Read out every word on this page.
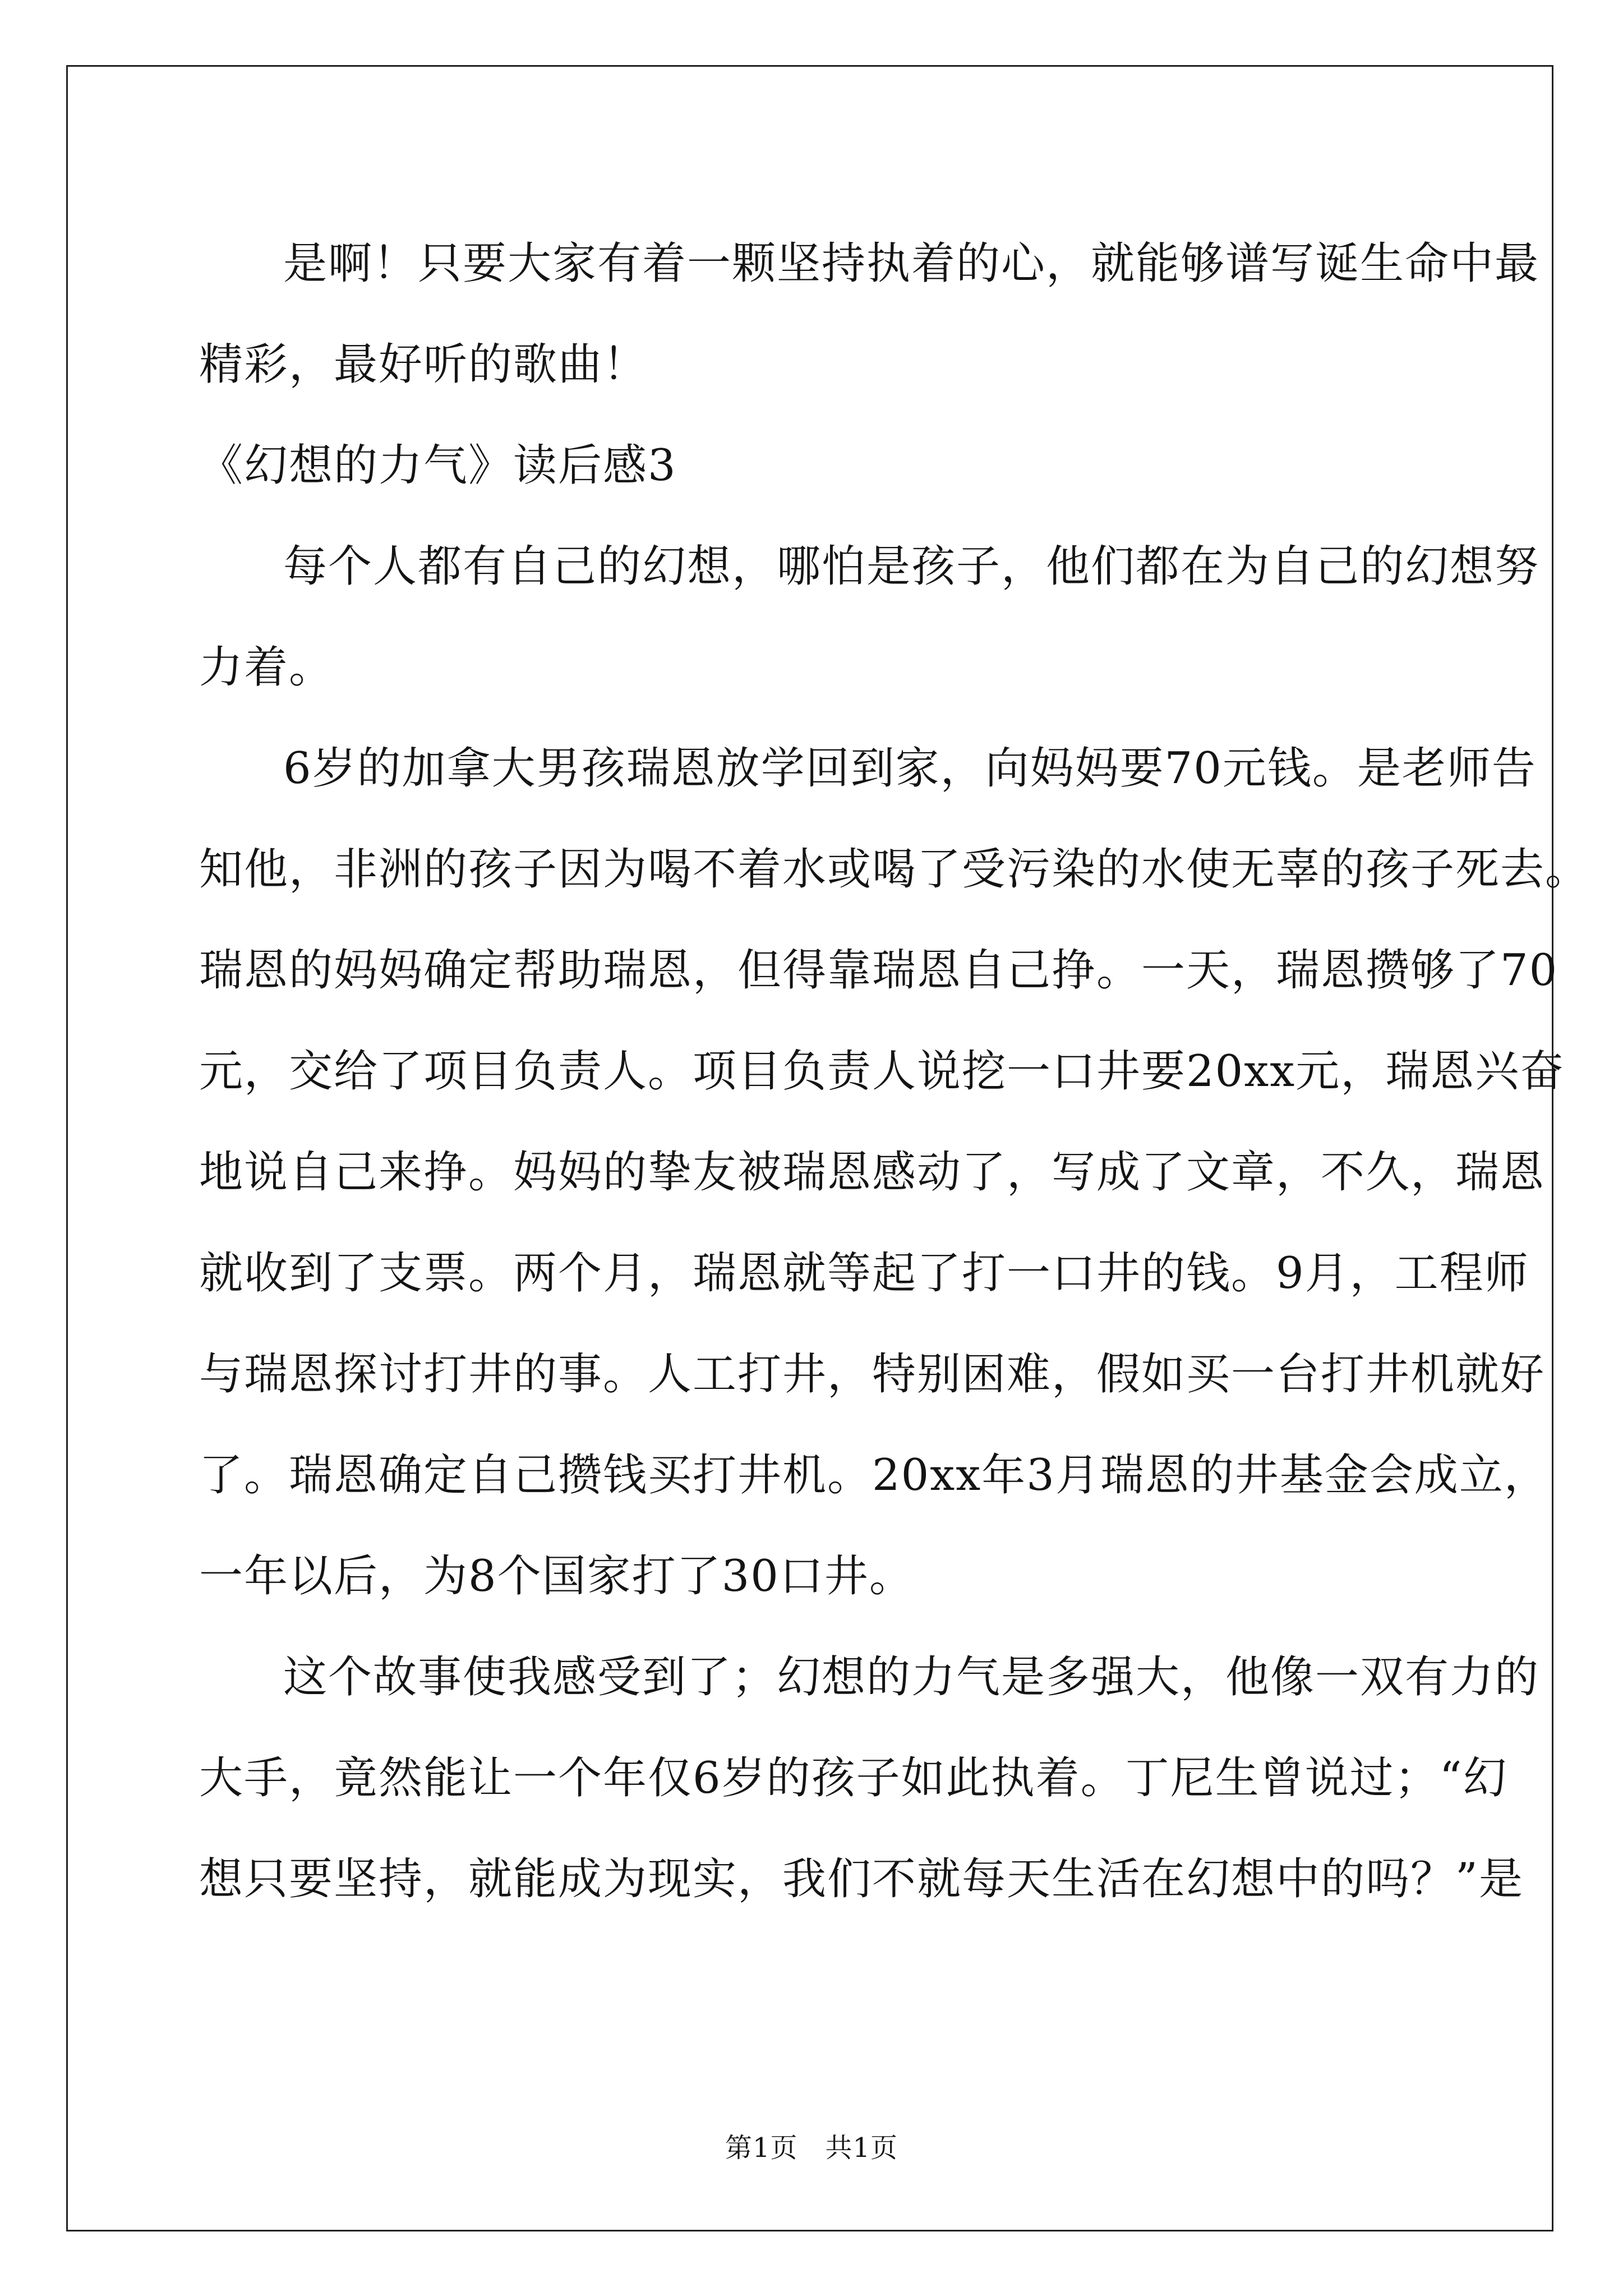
是啊！只要大家有着一颗坚持执着的心，就能够谱写诞生命中最
精彩，最好听的歌曲！
《幻想的力气》读后感3
每个人都有自己的幻想，哪怕是孩子，他们都在为自己的幻想努
力着。
6岁的加拿大男孩瑞恩放学回到家，向妈妈要70元钱。是老师告
知他，非洲的孩子因为喝不着水或喝了受污染的水使无辜的孩子死去。
瑞恩的妈妈确定帮助瑞恩，但得靠瑞恩自己挣。一天，瑞恩攒够了70
元，交给了项目负责人。项目负责人说挖一口井要20xx元，瑞恩兴奋
地说自己来挣。妈妈的挚友被瑞恩感动了，写成了文章，不久，瑞恩
就收到了支票。两个月，瑞恩就等起了打一口井的钱。9月，工程师
与瑞恩探讨打井的事。人工打井，特别困难，假如买一台打井机就好
了。瑞恩确定自己攒钱买打井机。20xx年3月瑞恩的井基金会成立，
一年以后，为8个国家打了30口井。
这个故事使我感受到了；幻想的力气是多强大，他像一双有力的
大手，竟然能让一个年仅6岁的孩子如此执着。丁尼生曾说过；“幻
想只要坚持，就能成为现实，我们不就每天生活在幻想中的吗？”是
第1页　共1页
